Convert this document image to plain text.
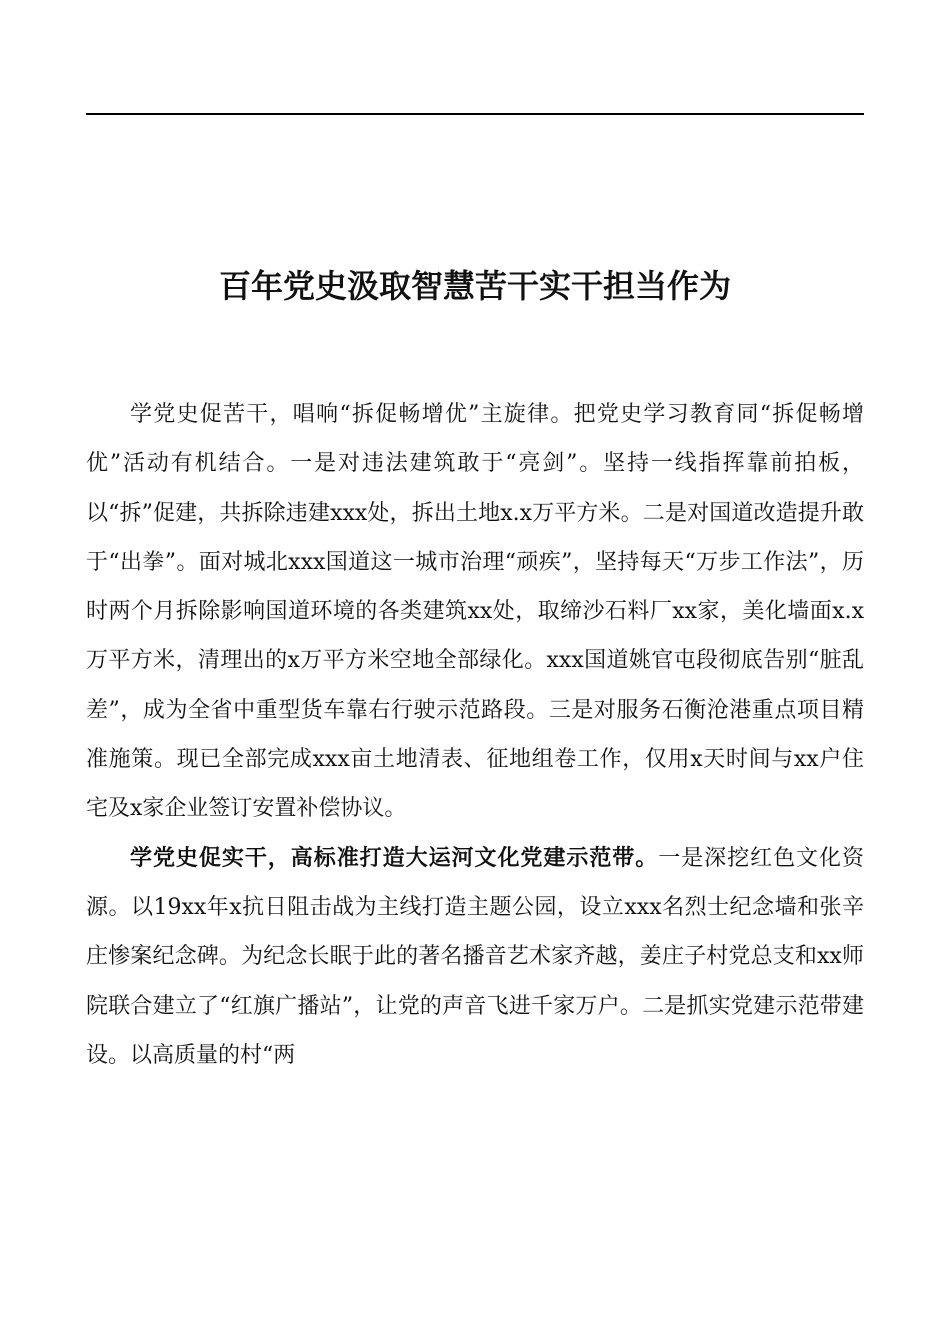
百年党史汲取智慧苦干实干担当作为

学党史促苦干，唱响“拆促畅增优”主旋律。把党史学习教育同“拆促畅增优”活动有机结合。一是对违法建筑敢于“亮剑”。坚持一线指挥靠前拍板，以“拆”促建，共拆除违建xxx处，拆出土地x.x万平方米。二是对国道改造提升敢于“出拳”。面对城北xxx国道这一城市治理“顽疾”，坚持每天“万步工作法”，历时两个月拆除影响国道环境的各类建筑xx处，取缔沙石料厂xx家，美化墙面x.x万平方米，清理出的x万平方米空地全部绿化。xxx国道姚官屯段彻底告别“脏乱差”，成为全省中重型货车靠右行驶示范路段。三是对服务石衡沧港重点项目精准施策。现已全部完成xxx亩土地清表、征地组卷工作，仅用x天时间与xx户住宅及x家企业签订安置补偿协议。

学党史促实干，高标准打造大运河文化党建示范带。一是深挖红色文化资源。以19xx年x抗日阻击战为主线打造主题公园，设立xxx名烈士纪念墙和张辛庄惨案纪念碑。为纪念长眠于此的著名播音艺术家齐越，姜庄子村党总支和xx师院联合建立了“红旗广播站”，让党的声音飞进千家万户。二是抓实党建示范带建设。以高质量的村“两
